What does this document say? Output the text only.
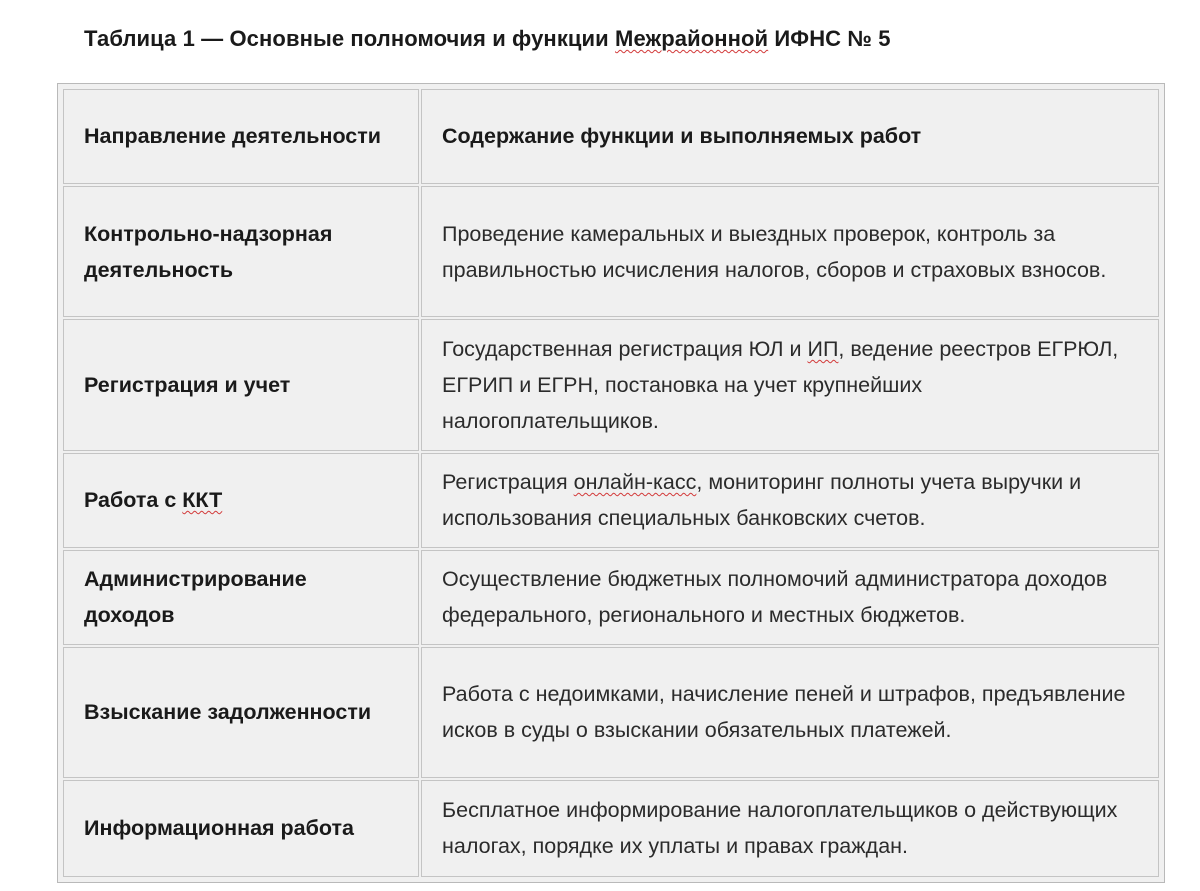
Таблица 1 — Основные полномочия и функции Межрайонной ИФНС № 5
Направление деятельности	Содержание функции и выполняемых работ
Контрольно-надзорная деятельность	Проведение камеральных и выездных проверок, контроль за правильностью исчисления налогов, сборов и страховых взносов.
Регистрация и учет	Государственная регистрация ЮЛ и ИП, ведение реестров ЕГРЮЛ, ЕГРИП и ЕГРН, постановка на учет крупнейших налогоплательщиков.
Работа с ККТ	Регистрация онлайн-касс, мониторинг полноты учета выручки и использования специальных банковских счетов.
Администрирование доходов	Осуществление бюджетных полномочий администратора доходов федерального, регионального и местных бюджетов.
Взыскание задолженности	Работа с недоимками, начисление пеней и штрафов, предъявление исков в суды о взыскании обязательных платежей.
Информационная работа	Бесплатное информирование налогоплательщиков о действующих налогах, порядке их уплаты и правах граждан.
